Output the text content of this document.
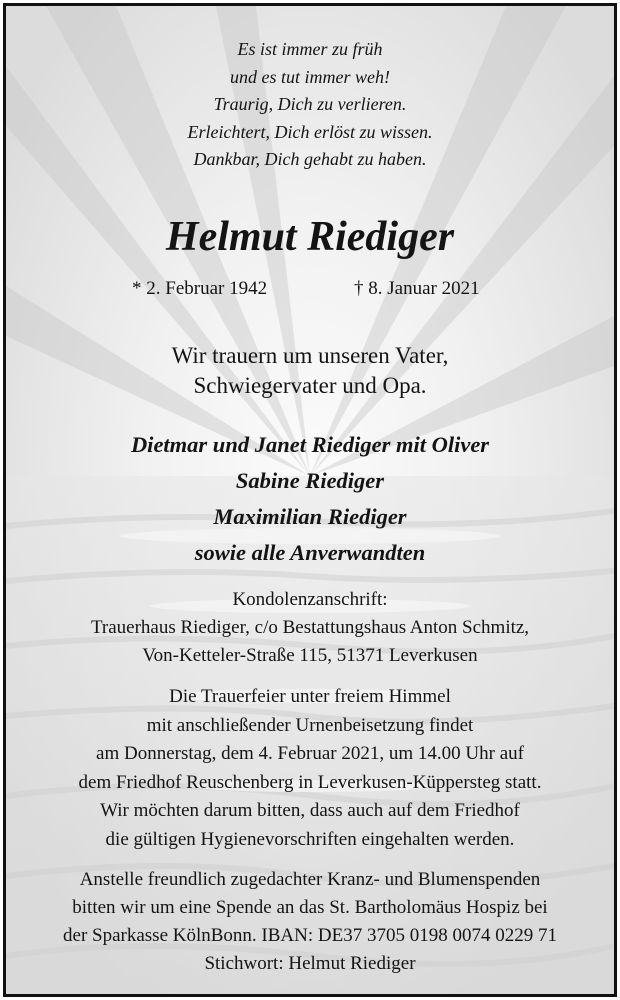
Es ist immer zu früh
und es tut immer weh!
Traurig, Dich zu verlieren.
Erleichtert, Dich erlöst zu wissen.
Dankbar, Dich gehabt zu haben.
Helmut Riediger
* 2. Februar 1942	† 8. Januar 2021
Wir trauern um unseren Vater,
Schwiegervater und Opa.
Dietmar und Janet Riediger mit Oliver
Sabine Riediger
Maximilian Riediger
sowie alle Anverwandten
Kondolenzanschrift:
Trauerhaus Riediger, c/o Bestattungshaus Anton Schmitz,
Von-Ketteler-Straße 115, 51371 Leverkusen
Die Trauerfeier unter freiem Himmel
mit anschließender Urnenbeisetzung findet
am Donnerstag, dem 4. Februar 2021, um 14.00 Uhr auf
dem Friedhof Reuschenberg in Leverkusen-Küppersteg statt.
Wir möchten darum bitten, dass auch auf dem Friedhof
die gültigen Hygienevorschriften eingehalten werden.
Anstelle freundlich zugedachter Kranz- und Blumenspenden
bitten wir um eine Spende an das St. Bartholomäus Hospiz bei
der Sparkasse KölnBonn. IBAN: DE37 3705 0198 0074 0229 71
Stichwort: Helmut Riediger
